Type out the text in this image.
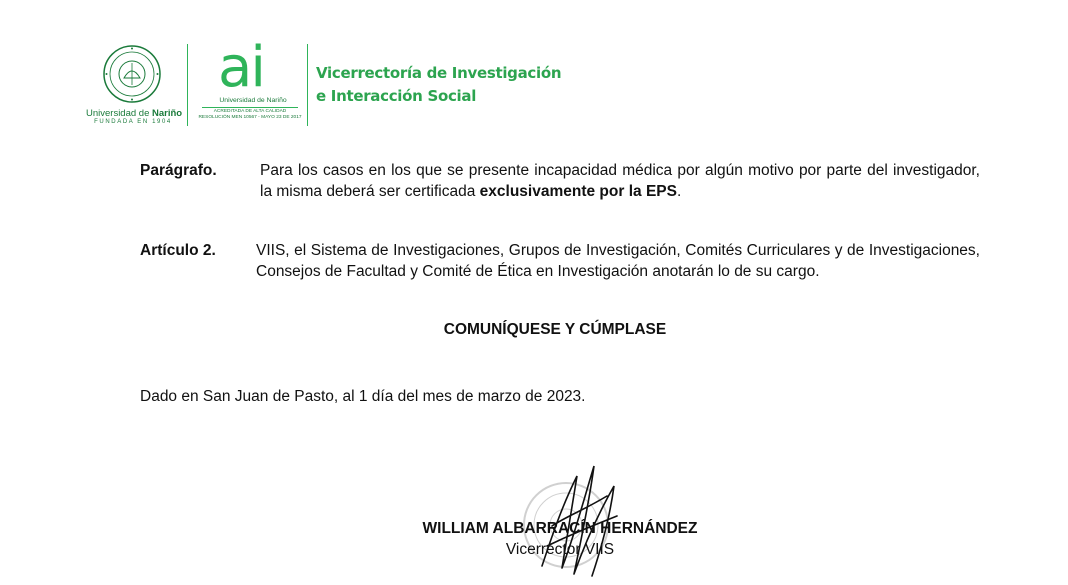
Universidad de Nariño
FUNDADA EN 1904
ai
Universidad de Nariño
ACREDITADA DE ALTA CALIDAD
RESOLUCIÓN MEN 10567 - MAYO 23 DE 2017
Vicerrectoría de Investigación
e Interacción Social
Parágrafo.	Para los casos en los que se presente incapacidad médica por algún motivo por parte del investigador, la misma deberá ser certificada exclusivamente por la EPS.
Artículo 2.	VIIS, el Sistema de Investigaciones, Grupos de Investigación, Comités Curriculares y de Investigaciones, Consejos de Facultad y Comité de Ética en Investigación anotarán lo de su cargo.
COMUNÍQUESE Y CÚMPLASE
Dado en San Juan de Pasto, al 1 día del mes de marzo de 2023.
WILLIAM ALBARRACÍN HERNÁNDEZ
Vicerrector VIIS
